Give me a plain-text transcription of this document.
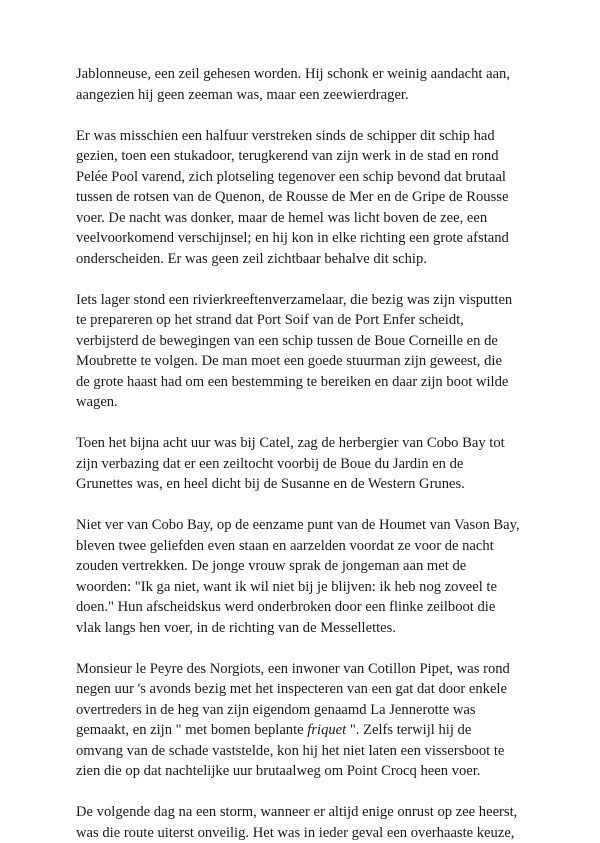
Jablonneuse, een zeil gehesen worden. Hij schonk er weinig aandacht aan,
aangezien hij geen zeeman was, maar een zeewierdrager.

Er was misschien een halfuur verstreken sinds de schipper dit schip had
gezien, toen een stukadoor, terugkerend van zijn werk in de stad en rond
Pelée Pool varend, zich plotseling tegenover een schip bevond dat brutaal
tussen de rotsen van de Quenon, de Rousse de Mer en de Gripe de Rousse
voer. De nacht was donker, maar de hemel was licht boven de zee, een
veelvoorkomend verschijnsel; en hij kon in elke richting een grote afstand
onderscheiden. Er was geen zeil zichtbaar behalve dit schip.

Iets lager stond een rivierkreeftenverzamelaar, die bezig was zijn visputten
te prepareren op het strand dat Port Soif van de Port Enfer scheidt,
verbijsterd de bewegingen van een schip tussen de Boue Corneille en de
Moubrette te volgen. De man moet een goede stuurman zijn geweest, die
de grote haast had om een bestemming te bereiken en daar zijn boot wilde
wagen.

Toen het bijna acht uur was bij Catel, zag de herbergier van Cobo Bay tot
zijn verbazing dat er een zeiltocht voorbij de Boue du Jardin en de
Grunettes was, en heel dicht bij de Susanne en de Western Grunes.

Niet ver van Cobo Bay, op de eenzame punt van de Houmet van Vason Bay,
bleven twee geliefden even staan en aarzelden voordat ze voor de nacht
zouden vertrekken. De jonge vrouw sprak de jongeman aan met de
woorden: "Ik ga niet, want ik wil niet bij je blijven: ik heb nog zoveel te
doen." Hun afscheidskus werd onderbroken door een flinke zeilboot die
vlak langs hen voer, in de richting van de Messellettes.

Monsieur le Peyre des Norgiots, een inwoner van Cotillon Pipet, was rond
negen uur 's avonds bezig met het inspecteren van een gat dat door enkele
overtreders in de heg van zijn eigendom genaamd La Jennerotte was
gemaakt, en zijn " met bomen beplante friquet ". Zelfs terwijl hij de
omvang van de schade vaststelde, kon hij het niet laten een vissersboot te
zien die op dat nachtelijke uur brutaalweg om Point Crocq heen voer.

De volgende dag na een storm, wanneer er altijd enige onrust op zee heerst,
was die route uiterst onveilig. Het was in ieder geval een overhaaste keuze,
